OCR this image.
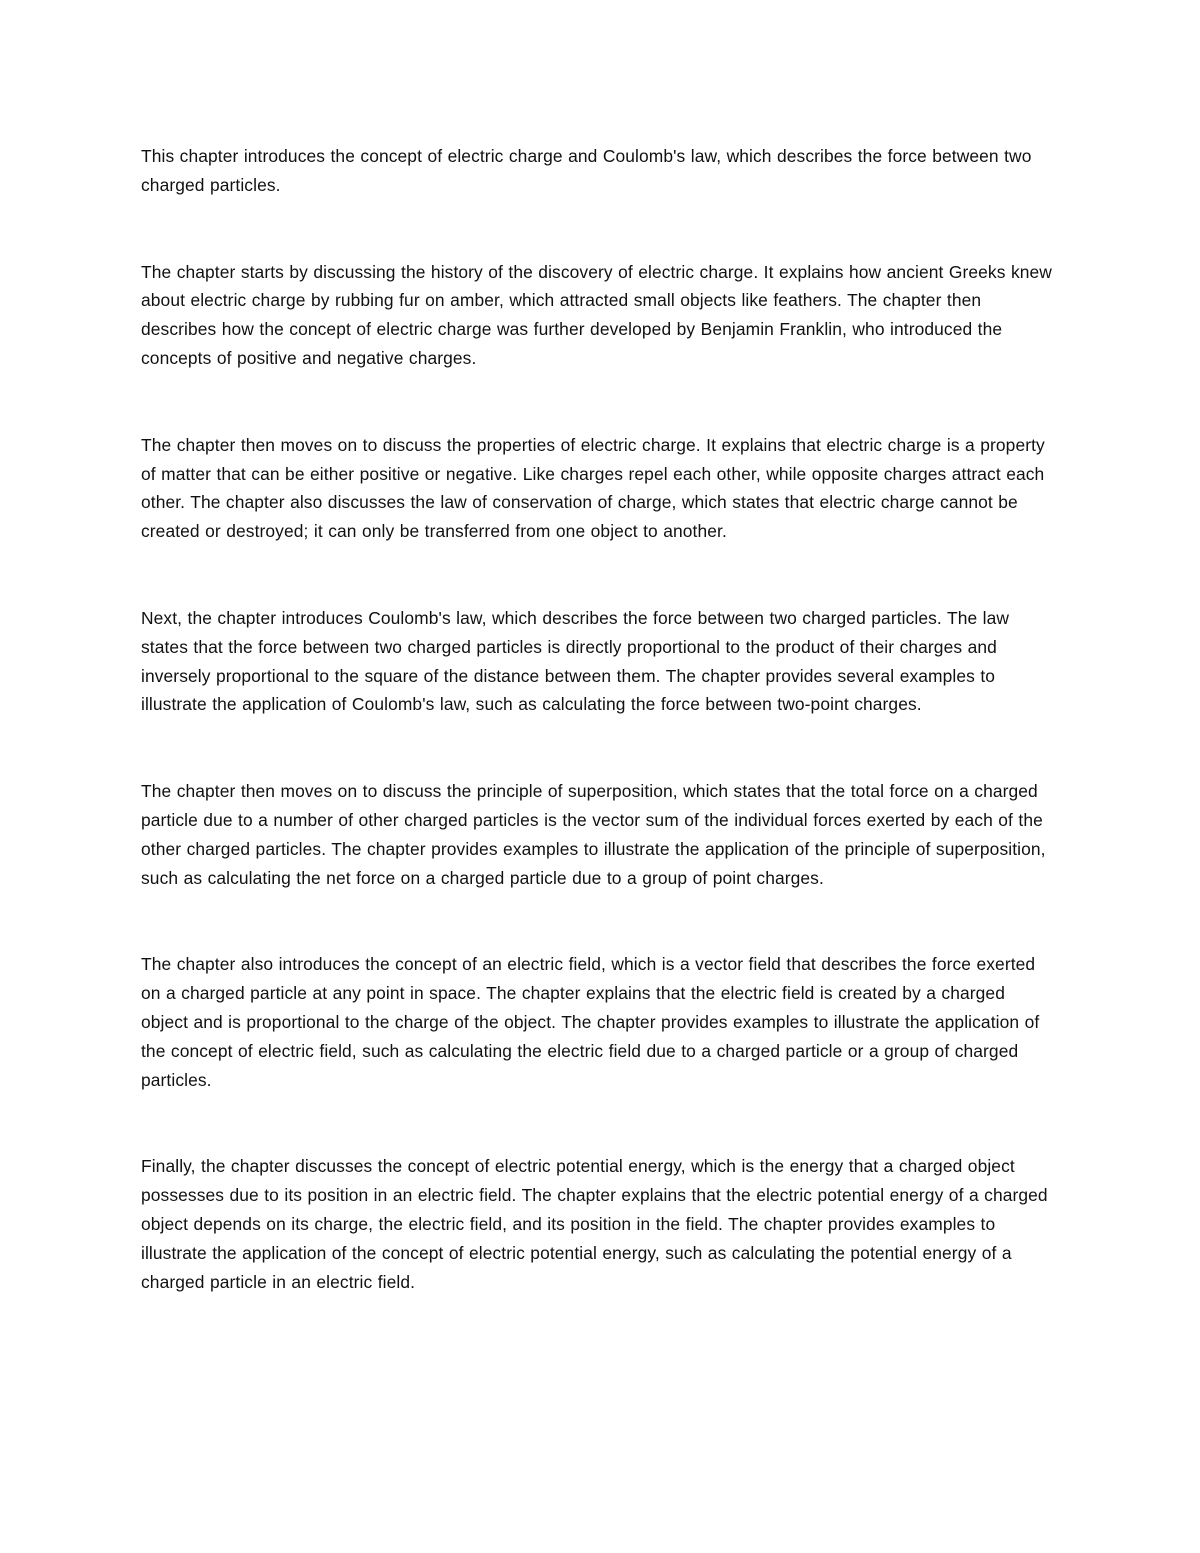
This chapter introduces the concept of electric charge and Coulomb's law, which describes the force between two charged particles.

The chapter starts by discussing the history of the discovery of electric charge. It explains how ancient Greeks knew about electric charge by rubbing fur on amber, which attracted small objects like feathers. The chapter then describes how the concept of electric charge was further developed by Benjamin Franklin, who introduced the concepts of positive and negative charges.

The chapter then moves on to discuss the properties of electric charge. It explains that electric charge is a property of matter that can be either positive or negative. Like charges repel each other, while opposite charges attract each other. The chapter also discusses the law of conservation of charge, which states that electric charge cannot be created or destroyed; it can only be transferred from one object to another.

Next, the chapter introduces Coulomb's law, which describes the force between two charged particles. The law states that the force between two charged particles is directly proportional to the product of their charges and inversely proportional to the square of the distance between them. The chapter provides several examples to illustrate the application of Coulomb's law, such as calculating the force between two-point charges.

The chapter then moves on to discuss the principle of superposition, which states that the total force on a charged particle due to a number of other charged particles is the vector sum of the individual forces exerted by each of the other charged particles. The chapter provides examples to illustrate the application of the principle of superposition, such as calculating the net force on a charged particle due to a group of point charges.

The chapter also introduces the concept of an electric field, which is a vector field that describes the force exerted on a charged particle at any point in space. The chapter explains that the electric field is created by a charged object and is proportional to the charge of the object. The chapter provides examples to illustrate the application of the concept of electric field, such as calculating the electric field due to a charged particle or a group of charged particles.

Finally, the chapter discusses the concept of electric potential energy, which is the energy that a charged object possesses due to its position in an electric field. The chapter explains that the electric potential energy of a charged object depends on its charge, the electric field, and its position in the field. The chapter provides examples to illustrate the application of the concept of electric potential energy, such as calculating the potential energy of a charged particle in an electric field.
